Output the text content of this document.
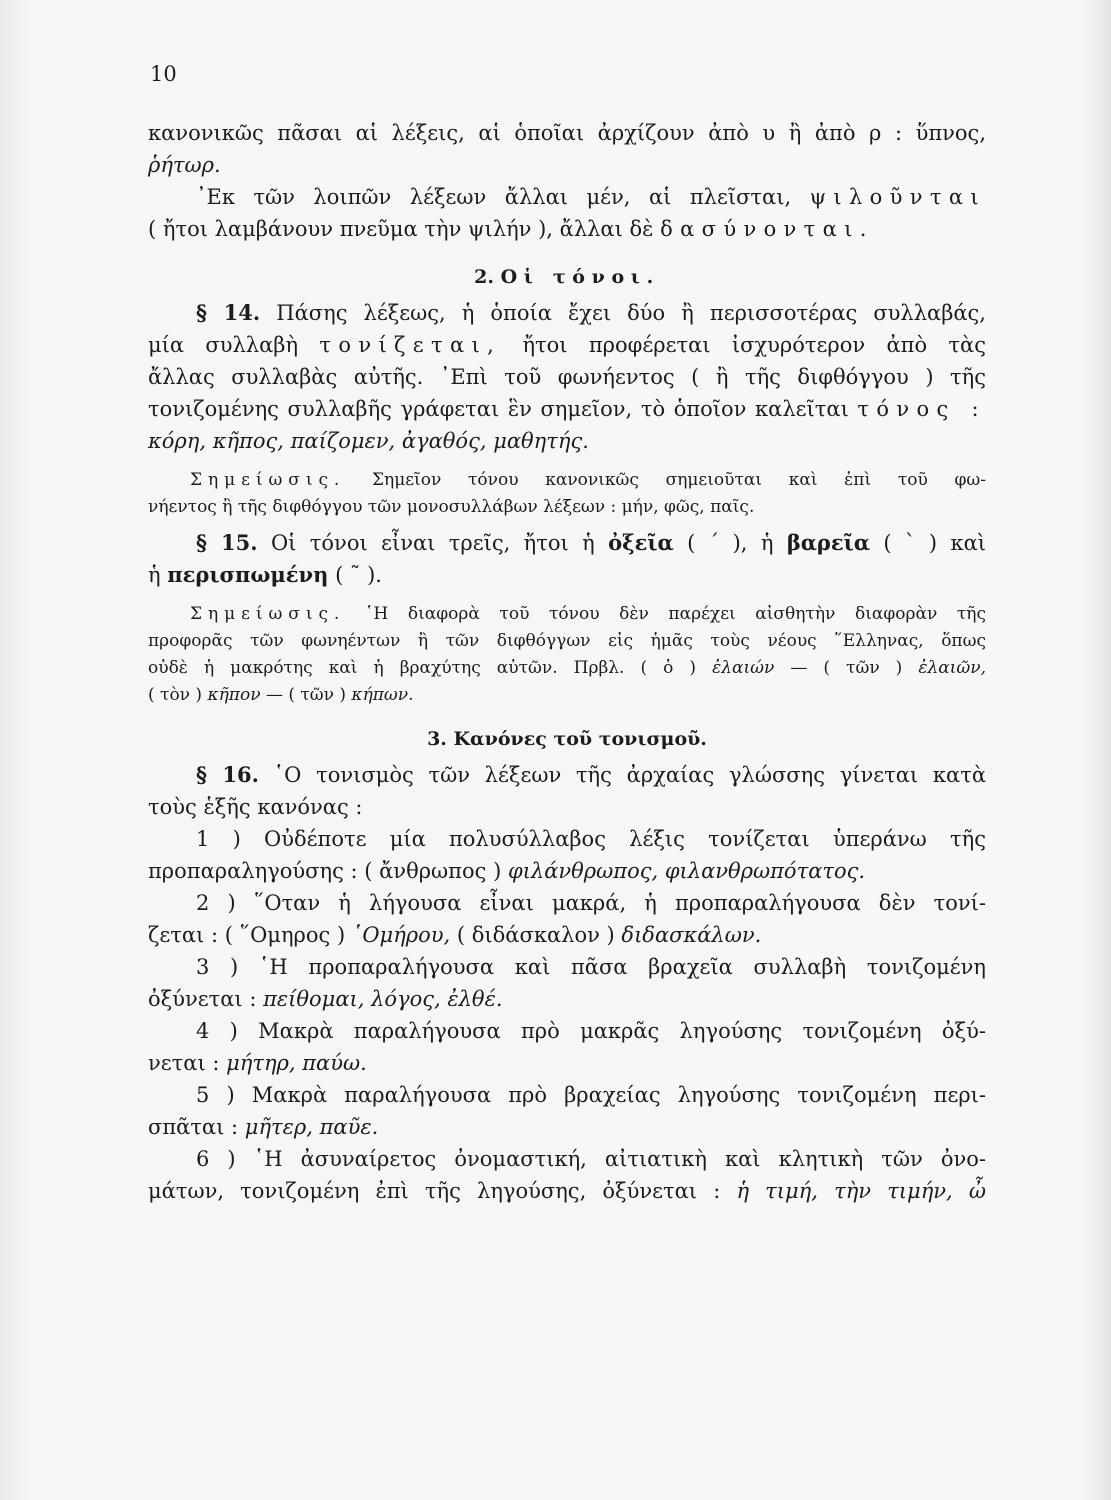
10
κανονικῶς πᾶσαι αἱ λέξεις, αἱ ὁποῖαι ἀρχίζουν ἀπὸ υ ἢ ἀπὸ ρ : ὕπνος,
ῥήτωρ.
᾿Εκ τῶν λοιπῶν λέξεων ἄλλαι μέν, αἱ πλεῖσται, ψιλοῦνται
( ἤτοι λαμβάνουν πνεῦμα τὴν ψιλήν ), ἄλλαι δὲ δασύνονται.
2. Οἱ τόνοι.
§ 14. Πάσης λέξεως, ἡ ὁποία ἔχει δύο ἢ περισσοτέρας συλλαβάς,
μία συλλαβὴ τονίζεται, ἤτοι προφέρεται ἰσχυρότερον ἀπὸ τὰς
ἄλλας συλλαβὰς αὐτῆς. ᾿Επὶ τοῦ φωνήεντος ( ἢ τῆς διφθόγγου ) τῆς
τονιζομένης συλλαβῆς γράφεται ἓν σημεῖον, τὸ ὁποῖον καλεῖται τόνος :
κόρη, κῆπος, παίζομεν, ἀγαθός, μαθητής.
Σημείωσις. Σημεῖον τόνου κανονικῶς σημειοῦται καὶ ἐπὶ τοῦ φω-
νήεντος ἢ τῆς διφθόγγου τῶν μονοσυλλάβων λέξεων : μήν, φῶς, παῖς.
§ 15. Οἱ τόνοι εἶναι τρεῖς, ἤτοι ἡ ὀξεῖα ( ´ ), ἡ βαρεῖα ( ` ) καὶ
ἡ περισπωμένη ( ˜ ).
Σημείωσις. ῾Η διαφορὰ τοῦ τόνου δὲν παρέχει αἰσθητὴν διαφορὰν τῆς
προφορᾶς τῶν φωνηέντων ἢ τῶν διφθόγγων εἰς ἡμᾶς τοὺς νέους ῞Ελληνας, ὅπως
οὐδὲ ἡ μακρότης καὶ ἡ βραχύτης αὐτῶν. Πρβλ. ( ὁ ) ἐλαιών — ( τῶν ) ἐλαιῶν,
( τὸν ) κῆπον — ( τῶν ) κήπων.
3. Κανόνες τοῦ τονισμοῦ.
§ 16. ῾Ο τονισμὸς τῶν λέξεων τῆς ἀρχαίας γλώσσης γίνεται κατὰ
τοὺς ἑξῆς κανόνας :
1 ) Οὐδέποτε μία πολυσύλλαβος λέξις τονίζεται ὑπεράνω τῆς
προπαραληγούσης : ( ἄνθρωπος ) φιλάνθρωπος, φιλανθρωπότατος.
2 ) ῞Οταν ἡ λήγουσα εἶναι μακρά, ἡ προπαραλήγουσα δὲν τονί-
ζεται : ( ῞Ομηρος ) ῾Ομήρου, ( διδάσκαλον ) διδασκάλων.
3 ) ῾Η προπαραλήγουσα καὶ πᾶσα βραχεῖα συλλαβὴ τονιζομένη
ὀξύνεται : πείθομαι, λόγος, ἐλθέ.
4 ) Μακρὰ παραλήγουσα πρὸ μακρᾶς ληγούσης τονιζομένη ὀξύ-
νεται : μήτηρ, παύω.
5 ) Μακρὰ παραλήγουσα πρὸ βραχείας ληγούσης τονιζομένη περι-
σπᾶται : μῆτερ, παῦε.
6 ) ῾Η ἀσυναίρετος ὀνομαστική, αἰτιατικὴ καὶ κλητικὴ τῶν ὀνο-
μάτων, τονιζομένη ἐπὶ τῆς ληγούσης, ὀξύνεται : ἡ τιμή, τὴν τιμήν, ὦ
